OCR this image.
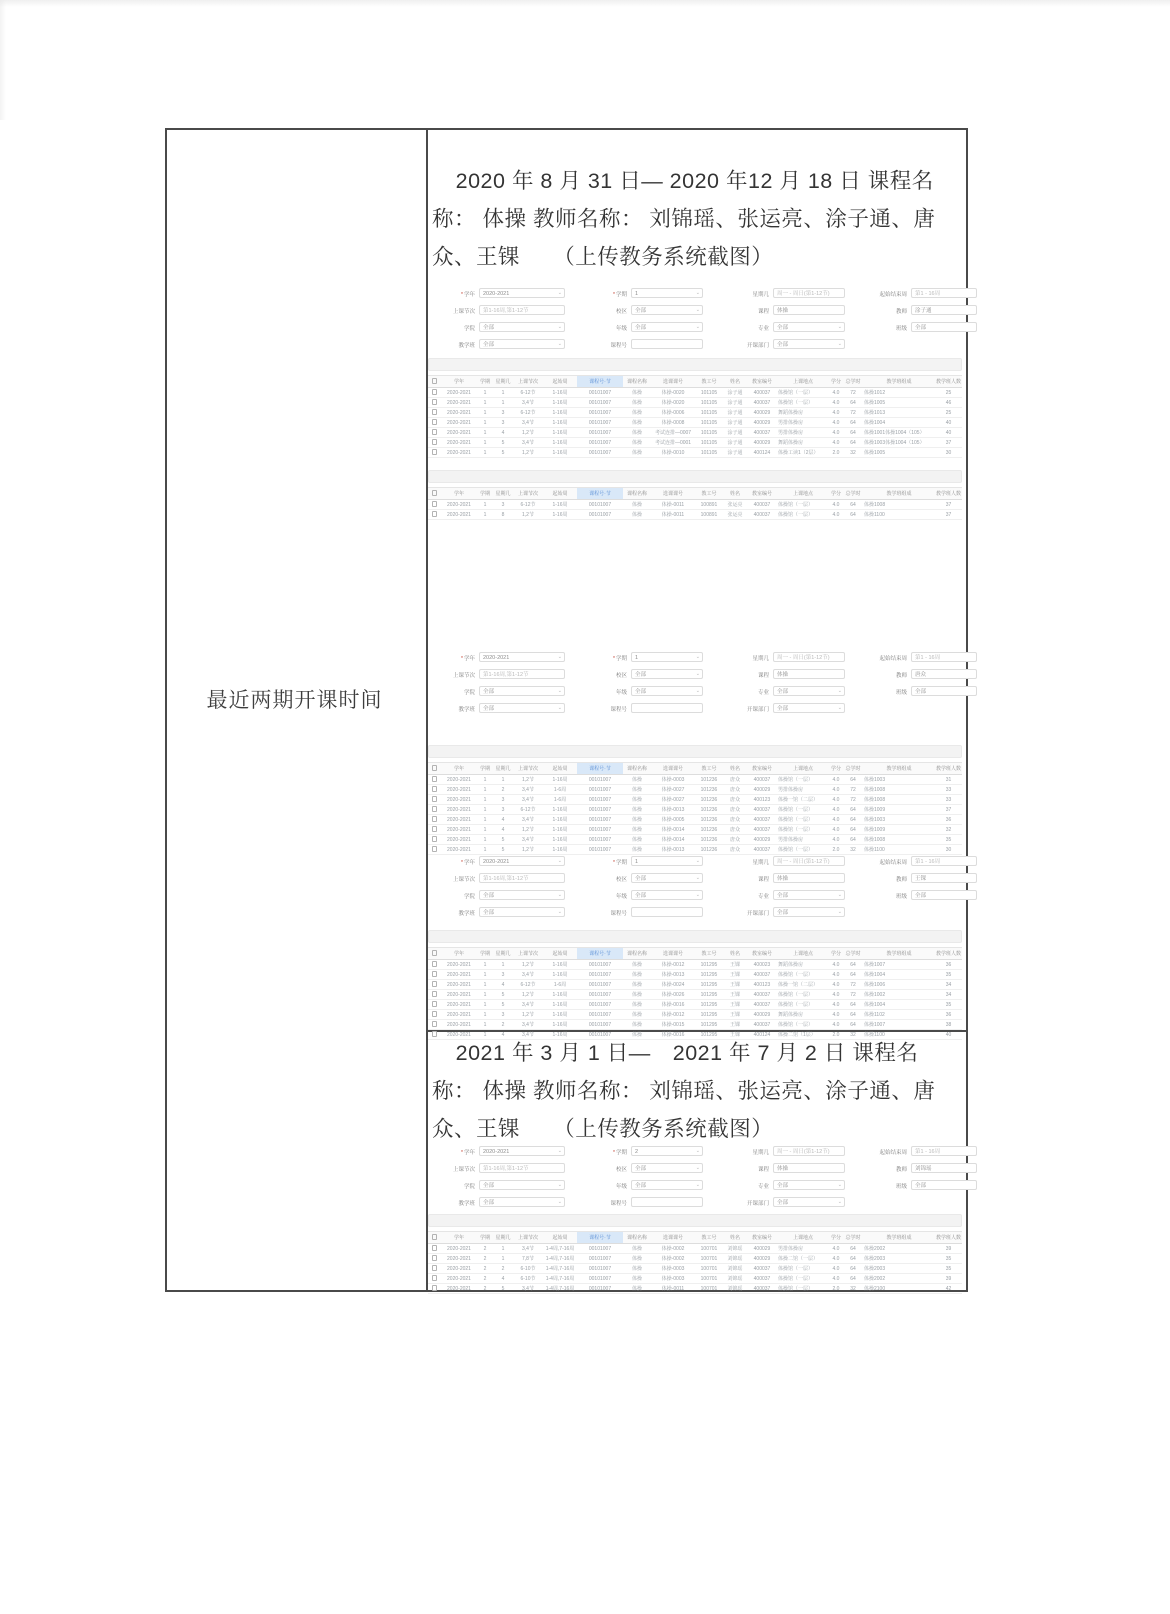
最近两期开课时间
2020 年 8 月 31 日— 2020 年12 月 18 日 课程名称： 体操 教师名称： 刘锦瑶、张运亮、涂子通、唐众、王锞　　（上传教务系统截图）
2021 年 3 月 1 日—　2021 年 7 月 2 日 课程名称： 体操 教师名称： 刘锦瑶、张运亮、涂子通、唐众、王锞　　（上传教务系统截图）
*学年	2020-2021	⌄
上课节次	第1-16周,第1-12节
学院	全部	⌄
教学班	全部	⌄
*学期	1	⌄
校区	全部	⌄
年级	全部	⌄
课程号
星期几	周一 - 周日(第1-12节)
课程	体操
专业	全部	⌄
开课部门	全部	⌄
起始结束周	第1 - 16周
教师	涂子通
班级	全部
*学年	2020-2021	⌄
上课节次	第1-16周,第1-12节
学院	全部	⌄
教学班	全部	⌄
*学期	1	⌄
校区	全部	⌄
年级	全部	⌄
课程号
星期几	周一 - 周日(第1-12节)
课程	体操
专业	全部	⌄
开课部门	全部	⌄
起始结束周	第1 - 16周
教师	唐众
班级	全部
*学年	2020-2021	⌄
上课节次	第1-16周,第1-12节
学院	全部	⌄
教学班	全部	⌄
*学期	1	⌄
校区	全部	⌄
年级	全部	⌄
课程号
星期几	周一 - 周日(第1-12节)
课程	体操
专业	全部	⌄
开课部门	全部	⌄
起始结束周	第1 - 16周
教师	王锞
班级	全部
*学年	2020-2021	⌄
上课节次	第1-16周,第1-12节
学院	全部	⌄
教学班	全部	⌄
*学期	2	⌄
校区	全部	⌄
年级	全部	⌄
课程号
星期几	周一 - 周日(第1-12节)
课程	体操
专业	全部	⌄
开课部门	全部	⌄
起始结束周	第1 - 16周
教师	刘锦瑶
班级	全部
	学年	学期	星期几	上课节次	起始周	课程号·节	课程名称	选课课号	教工号	姓名	教室编号	上课地点	学分	总学时	教学班组成	教学班人数
	2020-2021	1	1	6-12节	1-16周	00101007	体操	体操-0020	101105	涂子通	400037	体操馆（一层）	4.0	72	体操1012	25
	2020-2021	1	1	3,4节	1-16周	00101007	体操	体操-0020	101105	涂子通	400037	体操馆（一层）	4.0	64	体操1005	46
	2020-2021	1	3	6-12节	1-16周	00101007	体操	体操-0006	101105	涂子通	400029	舞蹈体操房	4.0	72	体操1013	25
	2020-2021	1	3	3,4节	1-16周	00101007	体操	体操-0008	101105	涂子通	400029	男排体操房	4.0	64	体操1004	40
	2020-2021	1	4	1,2节	1-16周	00101007	体操	考试连排—0007	101105	涂子通	400037	男排体操房	4.0	64	体操1001体操1004（105）	40
	2020-2021	1	5	3,4节	1-16周	00101007	体操	考试连排—0001	101105	涂子通	400029	舞蹈体操房	4.0	64	体操1003体操1004（105）	37
	2020-2021	1	5	1,2节	1-16周	00101007	体操	体操-0010	101105	涂子通	400124	体操工读1（2层）	2.0	32	体操1005	30
	学年	学期	星期几	上课节次	起始周	课程号·节	课程名称	选课课号	教工号	姓名	教室编号	上课地点	学分	总学时	教学班组成	教学班人数
	2020-2021	1	3	6-12节	1-16周	00101007	体操	体操-0011	100891	张运亮	400037	体操馆（一层）	4.0	64	体操1008	37
	2020-2021	1	8	1,2节	1-16周	00101007	体操	体操-0011	100891	张运亮	400037	体操馆（一层）	4.0	64	体操1100	37
	学年	学期	星期几	上课节次	起始周	课程号·节	课程名称	选课课号	教工号	姓名	教室编号	上课地点	学分	总学时	教学班组成	教学班人数
	2020-2021	1	1	1,2节	1-16周	00101007	体操	体操-0003	101236	唐众	400037	体操馆（一层）	4.0	64	体操1003	31
	2020-2021	1	2	3,4节	1-6周	00101007	体操	体操-0027	101236	唐众	400029	男排体操房	4.0	72	体操1008	33
	2020-2021	1	3	3,4节	1-6周	00101007	体操	体操-0027	101236	唐众	400123	体操一馆（二层）	4.0	72	体操1008	33
	2020-2021	1	3	6-12节	1-16周	00101007	体操	体操-0013	101236	唐众	400037	体操馆（一层）	4.0	64	体操1009	37
	2020-2021	1	4	3,4节	1-16周	00101007	体操	体操-0005	101236	唐众	400037	体操馆（一层）	4.0	64	体操1003	36
	2020-2021	1	4	1,2节	1-16周	00101007	体操	体操-0014	101236	唐众	400037	体操馆（一层）	4.0	64	体操1009	32
	2020-2021	1	5	3,4节	1-16周	00101007	体操	体操-0014	101236	唐众	400029	男排体操房	4.0	64	体操1008	35
	2020-2021	1	5	1,2节	1-16周	00101007	体操	体操-0013	101236	唐众	400037	体操馆（一层）	2.0	32	体操1100	30
	学年	学期	星期几	上课节次	起始周	课程号·节	课程名称	选课课号	教工号	姓名	教室编号	上课地点	学分	总学时	教学班组成	教学班人数
	2020-2021	1	1	1,2节	1-16周	00101007	体操	体操-0012	101295	王锞	400023	舞蹈体操房	4.0	64	体操1007	36
	2020-2021	1	3	3,4节	1-16周	00101007	体操	体操-0013	101295	王锞	400037	体操馆（一层）	4.0	64	体操1004	35
	2020-2021	1	4	6-12节	1-6周	00101007	体操	体操-0024	101295	王锞	400123	体操一馆（二层）	4.0	72	体操1006	34
	2020-2021	1	5	1,2节	1-16周	00101007	体操	体操-0026	101295	王锞	400037	体操馆（一层）	4.0	72	体操1002	34
	2020-2021	1	5	3,4节	1-16周	00101007	体操	体操-0016	101295	王锞	400037	体操馆（一层）	4.0	64	体操1004	35
	2020-2021	1	3	1,2节	1-16周	00101007	体操	体操-0012	101295	王锞	400029	舞蹈体操房	4.0	64	体操1102	36
	2020-2021	1	2	3,4节	1-16周	00101007	体操	体操-0015	101295	王锞	400037	体操馆（一层）	4.0	64	体操1007	38
	2020-2021	1	4	3,4节	1-16周	00101007	体操	体操-0016	101295	王锞	400124	体操二馆（1层）	2.0	32	体操1100	40
	学年	学期	星期几	上课节次	起始周	课程号·节	课程名称	选课课号	教工号	姓名	教室编号	上课地点	学分	总学时	教学班组成	教学班人数
	2020-2021	2	1	3,4节	1-4周,7-16周	00101007	体操	体操-0002	100701	刘锦瑶	400029	男排体操房	4.0	64	体操2002	39
	2020-2021	2	1	7,8节	1-4周,7-16周	00101007	体操	体操-0002	100701	刘锦瑶	400029	体操二馆（一层）	4.0	64	体操2003	35
	2020-2021	2	2	6-10节	1-4周,7-16周	00101007	体操	体操-0003	100701	刘锦瑶	400037	体操馆（一层）	4.0	64	体操2003	35
	2020-2021	2	4	6-10节	1-4周,7-16周	00101007	体操	体操-0003	100701	刘锦瑶	400037	体操馆（一层）	4.0	64	体操2002	39
	2020-2021	2	5	3,4节	1-4周,7-16周	00101007	体操	体操-0011	100701	刘锦瑶	400037	体操馆（一层）	2.0	32	体操2100	42
